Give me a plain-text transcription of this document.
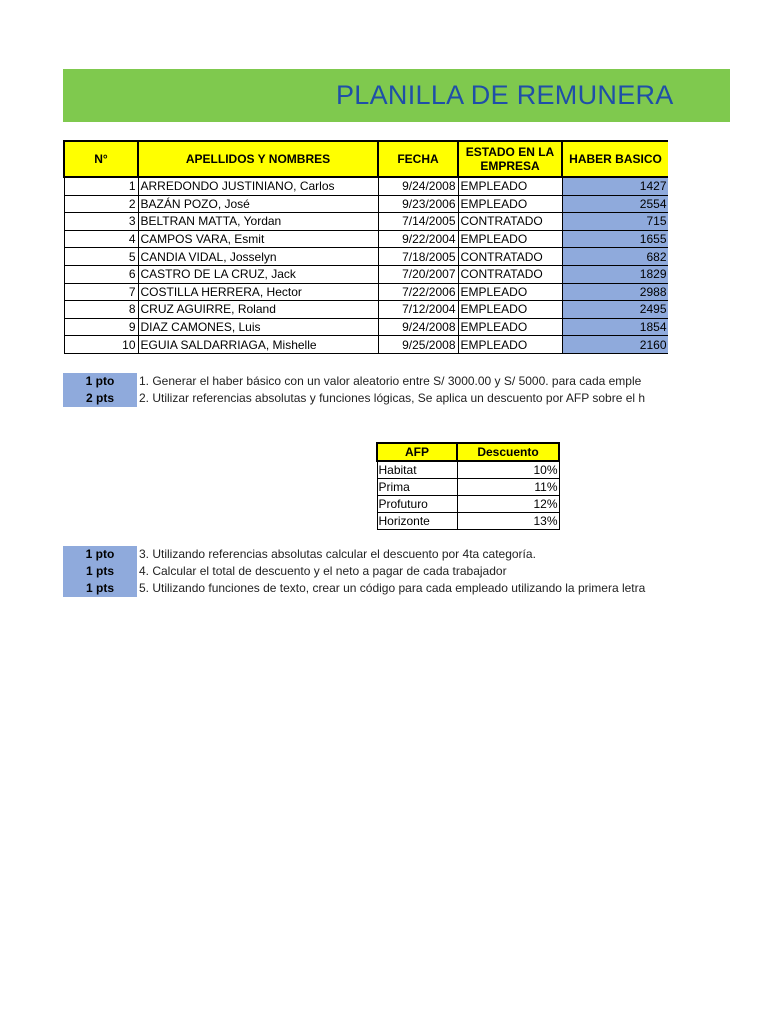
PLANILLA DE REMUNERA
N°	APELLIDOS Y NOMBRES	FECHA	ESTADO EN LA EMPRESA	HABER BASICO
1	ARREDONDO JUSTINIANO, Carlos	9/24/2008	EMPLEADO	1427
2	BAZÁN POZO, José	9/23/2006	EMPLEADO	2554
3	BELTRAN MATTA, Yordan	7/14/2005	CONTRATADO	715
4	CAMPOS VARA, Esmit	9/22/2004	EMPLEADO	1655
5	CANDIA VIDAL, Josselyn	7/18/2005	CONTRATADO	682
6	CASTRO DE LA CRUZ, Jack	7/20/2007	CONTRATADO	1829
7	COSTILLA HERRERA, Hector	7/22/2006	EMPLEADO	2988
8	CRUZ AGUIRRE, Roland	7/12/2004	EMPLEADO	2495
9	DIAZ CAMONES, Luis	9/24/2008	EMPLEADO	1854
10	EGUIA SALDARRIAGA, Mishelle	9/25/2008	EMPLEADO	2160
1 pto 1. Generar el haber básico con un valor aleatorio entre S/ 3000.00 y S/ 5000. para cada emple
2 pts 2. Utilizar referencias absolutas y funciones lógicas, Se aplica un descuento por AFP sobre el h
AFP	Descuento
Habitat	10%
Prima	11%
Profuturo	12%
Horizonte	13%
1 pto 3. Utilizando referencias absolutas calcular el descuento por 4ta categoría.
1 pts 4. Calcular el total de descuento y el neto a pagar de cada trabajador
1 pts 5. Utilizando funciones de texto, crear un código para cada empleado utilizando la primera letra
